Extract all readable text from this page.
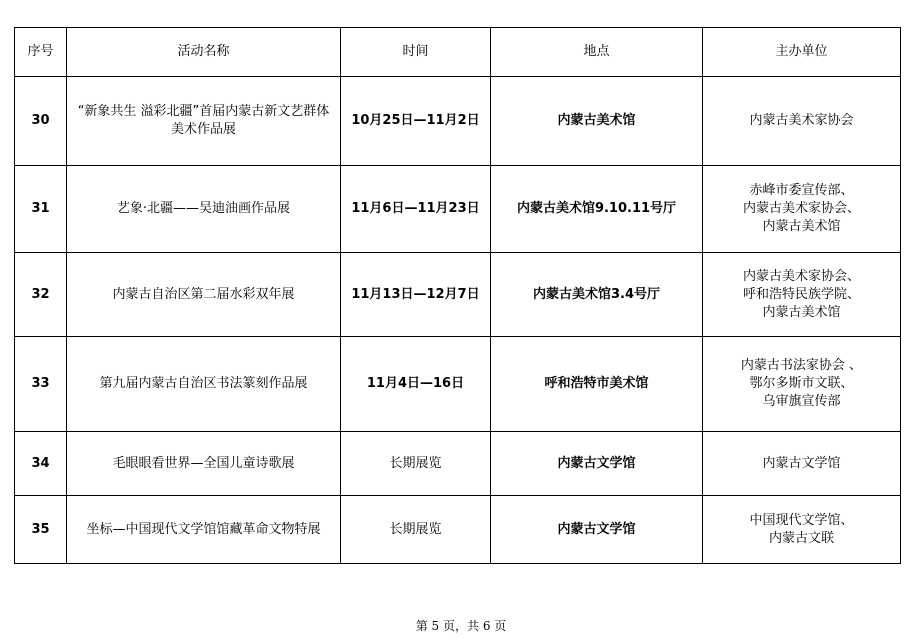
序号	活动名称	时间	地点	主办单位
30	“新象共生 溢彩北疆”首届内蒙古新文艺群体美术作品展	10月25日—11月2日	内蒙古美术馆	内蒙古美术家协会

31	艺象·北疆——吴迪油画作品展	11月6日—11月23日	内蒙古美术馆9.10.11号厅	赤峰市委宣传部、
内蒙古美术家协会、
内蒙古美术馆

32	内蒙古自治区第二届水彩双年展	11月13日—12月7日	内蒙古美术馆3.4号厅	内蒙古美术家协会、
呼和浩特民族学院、
内蒙古美术馆

33	第九届内蒙古自治区书法篆刻作品展	11月4日—16日	呼和浩特市美术馆	内蒙古书法家协会 、
鄂尔多斯市文联、
乌审旗宣传部

34	毛眼眼看世界—全国儿童诗歌展	长期展览	内蒙古文学馆	内蒙古文学馆

35	坐标—中国现代文学馆馆藏革命文物特展	长期展览	内蒙古文学馆	中国现代文学馆、
内蒙古文联
第 5 页，共 6 页
